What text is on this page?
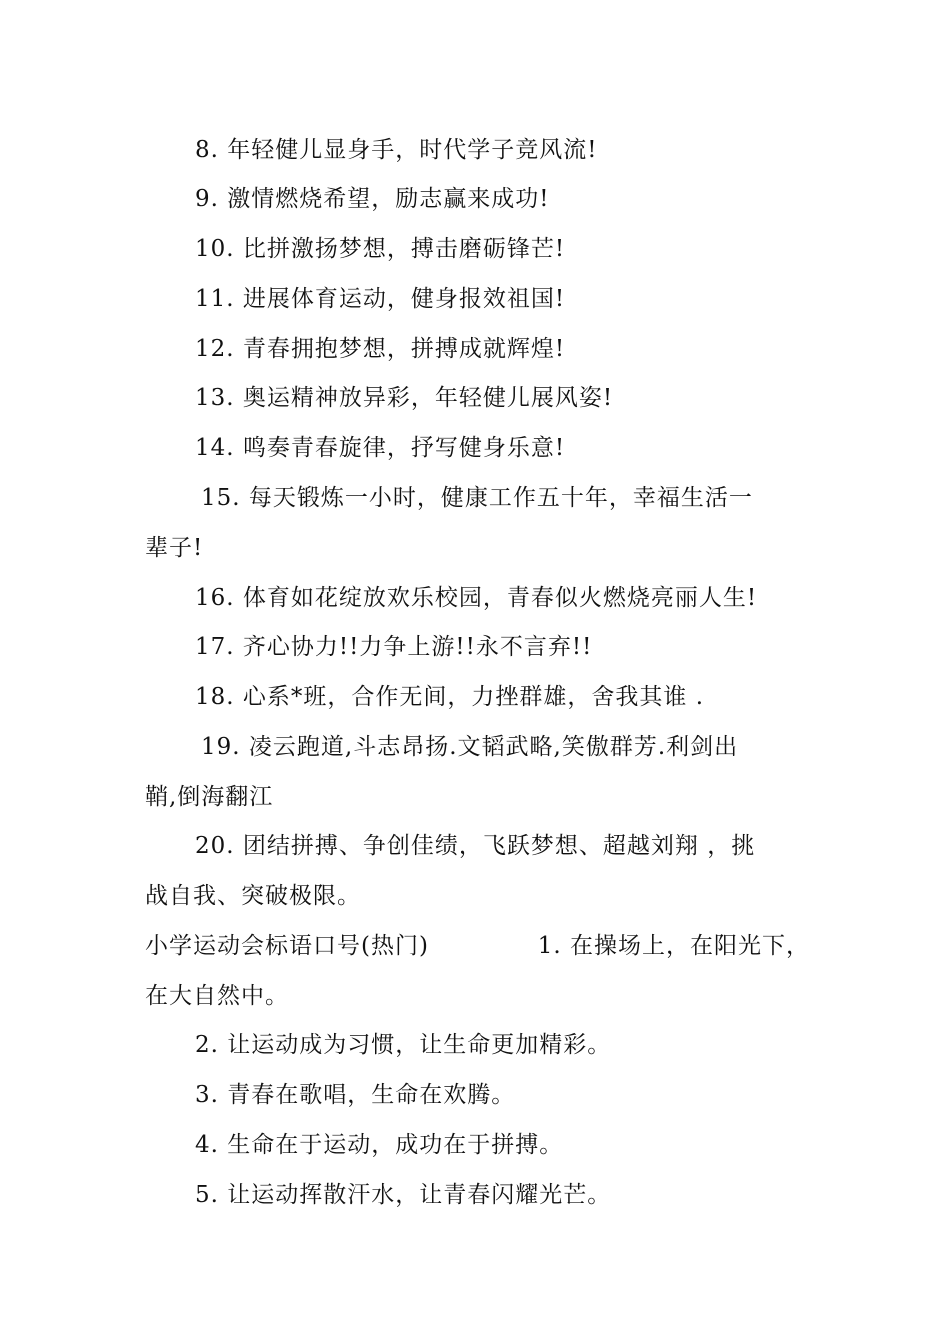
8. 年轻健儿显身手，时代学子竞风流!
9. 激情燃烧希望，励志赢来成功!
10. 比拼激扬梦想，搏击磨砺锋芒!
11. 进展体育运动，健身报效祖国!
12. 青春拥抱梦想，拼搏成就辉煌!
13. 奥运精神放异彩，年轻健儿展风姿!
14. 鸣奏青春旋律，抒写健身乐意!
15. 每天锻炼一小时，健康工作五十年，幸福生活一
辈子!
16. 体育如花绽放欢乐校园，青春似火燃烧亮丽人生!
17. 齐心协力!!力争上游!!永不言弃!!
18. 心系*班，合作无间，力挫群雄，舍我其谁 .
19. 凌云跑道,斗志昂扬.文韬武略,笑傲群芳.利剑出
鞘,倒海翻江
20. 团结拼搏、争创佳绩，飞跃梦想、超越刘翔 ，挑
战自我、突破极限。
小学运动会标语口号(热门)	1. 在操场上，在阳光下，
在大自然中。
2. 让运动成为习惯，让生命更加精彩。
3. 青春在歌唱，生命在欢腾。
4. 生命在于运动，成功在于拼搏。
5. 让运动挥散汗水，让青春闪耀光芒。
